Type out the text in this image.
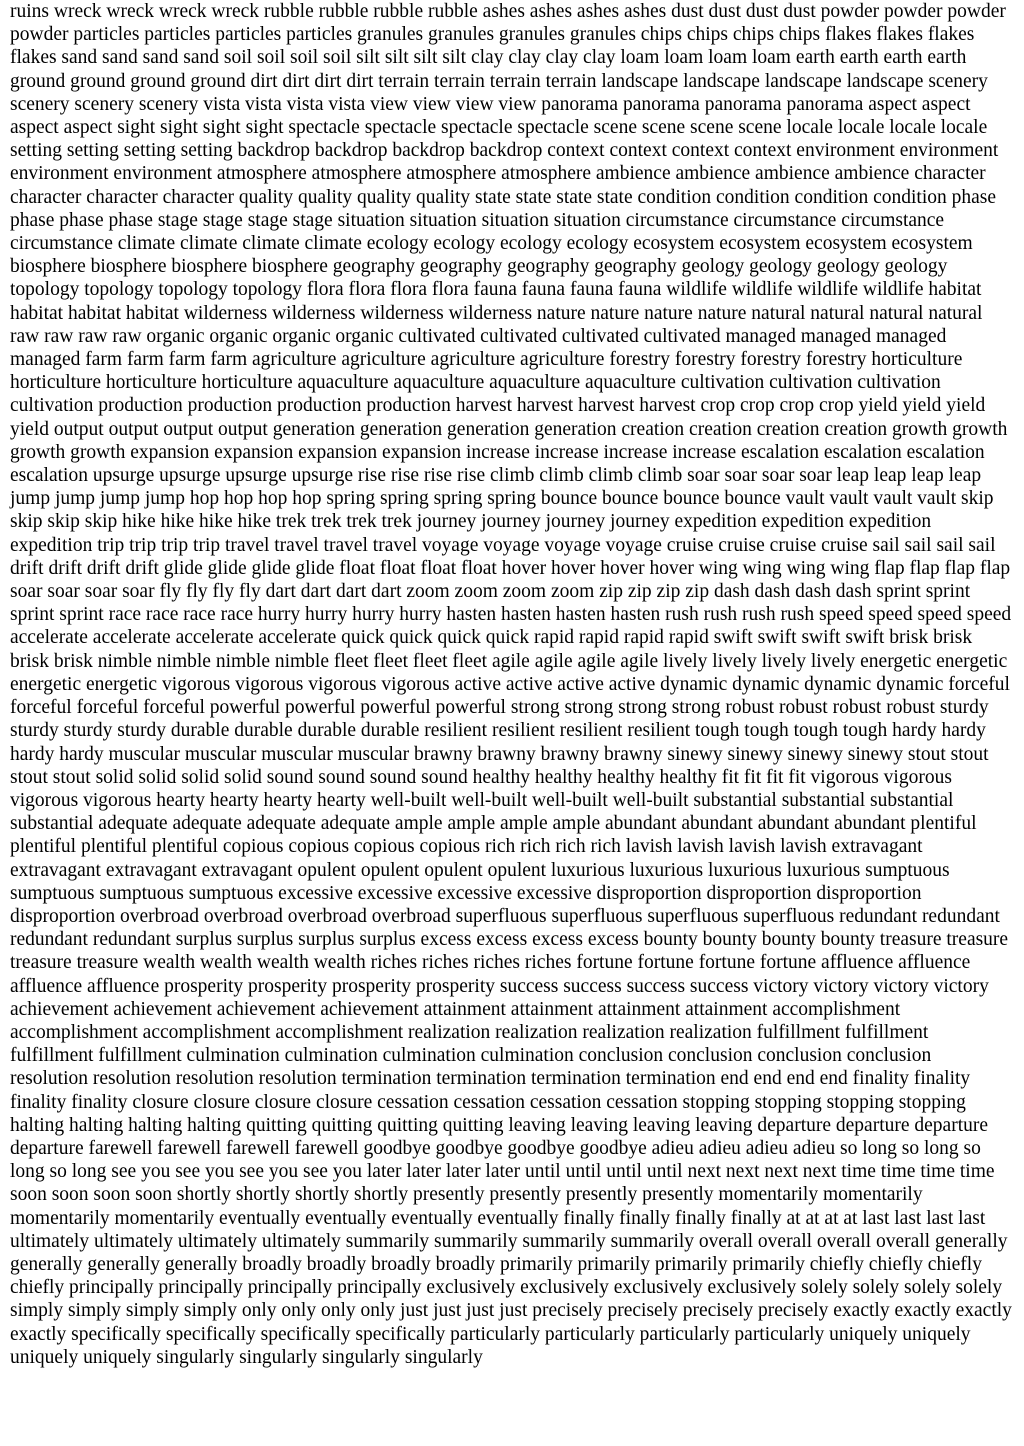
ruins wreck wreck wreck wreck rubble rubble rubble rubble ashes ashes ashes ashes dust dust dust dust powder powder powder powder particles particles particles particles granules granules granules granules chips chips chips chips flakes flakes flakes flakes sand sand sand sand soil soil soil soil silt silt silt silt clay clay clay clay loam loam loam loam earth earth earth earth ground ground ground ground dirt dirt dirt dirt terrain terrain terrain terrain landscape landscape landscape landscape scenery scenery scenery scenery vista vista vista vista view view view view panorama panorama panorama panorama aspect aspect aspect aspect sight sight sight sight spectacle spectacle spectacle spectacle scene scene scene scene locale locale locale locale setting setting setting setting backdrop backdrop backdrop backdrop context context context context environment environment environment environment atmosphere atmosphere atmosphere atmosphere ambience ambience ambience ambience character character character character quality quality quality quality state state state state condition condition condition condition phase phase phase phase stage stage stage stage situation situation situation situation circumstance circumstance circumstance circumstance climate climate climate climate ecology ecology ecology ecology ecosystem ecosystem ecosystem ecosystem biosphere biosphere biosphere biosphere geography geography geography geography geology geology geology geology topology topology topology topology flora flora flora flora fauna fauna fauna fauna wildlife wildlife wildlife wildlife habitat habitat habitat habitat wilderness wilderness wilderness wilderness nature nature nature nature natural natural natural natural raw raw raw raw organic organic organic organic cultivated cultivated cultivated cultivated managed managed managed managed farm farm farm farm agriculture agriculture agriculture agriculture forestry forestry forestry forestry horticulture horticulture horticulture horticulture aquaculture aquaculture aquaculture aquaculture cultivation cultivation cultivation cultivation production production production production harvest harvest harvest harvest crop crop crop crop yield yield yield yield output output output output generation generation generation generation creation creation creation creation growth growth growth growth expansion expansion expansion expansion increase increase increase increase escalation escalation escalation escalation upsurge upsurge upsurge upsurge rise rise rise rise climb climb climb climb soar soar soar soar leap leap leap leap jump jump jump jump hop hop hop hop spring spring spring spring bounce bounce bounce bounce vault vault vault vault skip skip skip skip hike hike hike hike trek trek trek trek journey journey journey journey expedition expedition expedition expedition trip trip trip trip travel travel travel travel voyage voyage voyage voyage cruise cruise cruise cruise sail sail sail sail drift drift drift drift glide glide glide glide float float float float hover hover hover hover wing wing wing wing flap flap flap flap soar soar soar soar fly fly fly fly dart dart dart dart zoom zoom zoom zoom zip zip zip zip dash dash dash dash sprint sprint sprint sprint race race race race hurry hurry hurry hurry hasten hasten hasten hasten rush rush rush rush speed speed speed speed accelerate accelerate accelerate accelerate quick quick quick quick rapid rapid rapid rapid swift swift swift swift brisk brisk brisk brisk nimble nimble nimble nimble fleet fleet fleet fleet agile agile agile agile lively lively lively lively energetic energetic energetic energetic vigorous vigorous vigorous vigorous active active active active dynamic dynamic dynamic dynamic forceful forceful forceful forceful powerful powerful powerful powerful strong strong strong strong robust robust robust robust sturdy sturdy sturdy sturdy durable durable durable durable resilient resilient resilient resilient tough tough tough tough hardy hardy hardy hardy muscular muscular muscular muscular brawny brawny brawny brawny sinewy sinewy sinewy sinewy stout stout stout stout solid solid solid solid sound sound sound sound healthy healthy healthy healthy fit fit fit fit vigorous vigorous vigorous vigorous hearty hearty hearty hearty well-built well-built well-built well-built substantial substantial substantial substantial adequate adequate adequate adequate ample ample ample ample abundant abundant abundant abundant plentiful plentiful plentiful plentiful copious copious copious copious rich rich rich rich lavish lavish lavish lavish extravagant extravagant extravagant extravagant opulent opulent opulent opulent luxurious luxurious luxurious luxurious sumptuous sumptuous sumptuous sumptuous excessive excessive excessive excessive disproportion disproportion disproportion disproportion overbroad overbroad overbroad overbroad superfluous superfluous superfluous superfluous redundant redundant redundant redundant surplus surplus surplus surplus excess excess excess excess bounty bounty bounty bounty treasure treasure treasure treasure wealth wealth wealth wealth riches riches riches riches fortune fortune fortune fortune affluence affluence affluence affluence prosperity prosperity prosperity prosperity success success success success victory victory victory victory achievement achievement achievement achievement attainment attainment attainment attainment accomplishment accomplishment accomplishment accomplishment realization realization realization realization fulfillment fulfillment fulfillment fulfillment culmination culmination culmination culmination conclusion conclusion conclusion conclusion resolution resolution resolution resolution termination termination termination termination end end end end finality finality finality finality closure closure closure closure cessation cessation cessation cessation stopping stopping stopping stopping halting halting halting halting quitting quitting quitting quitting leaving leaving leaving leaving departure departure departure departure farewell farewell farewell farewell goodbye goodbye goodbye goodbye adieu adieu adieu adieu so long so long so long so long see you see you see you see you later later later later until until until until next next next next time time time time soon soon soon soon shortly shortly shortly shortly presently presently presently presently momentarily momentarily momentarily momentarily eventually eventually eventually eventually finally finally finally finally at at at at last last last last ultimately ultimately ultimately ultimately summarily summarily summarily summarily overall overall overall overall generally generally generally generally broadly broadly broadly broadly primarily primarily primarily primarily chiefly chiefly chiefly chiefly principally principally principally principally exclusively exclusively exclusively exclusively solely solely solely solely simply simply simply simply only only only only just just just just precisely precisely precisely precisely exactly exactly exactly exactly specifically specifically specifically specifically particularly particularly particularly particularly uniquely uniquely uniquely uniquely singularly singularly singularly singularly
